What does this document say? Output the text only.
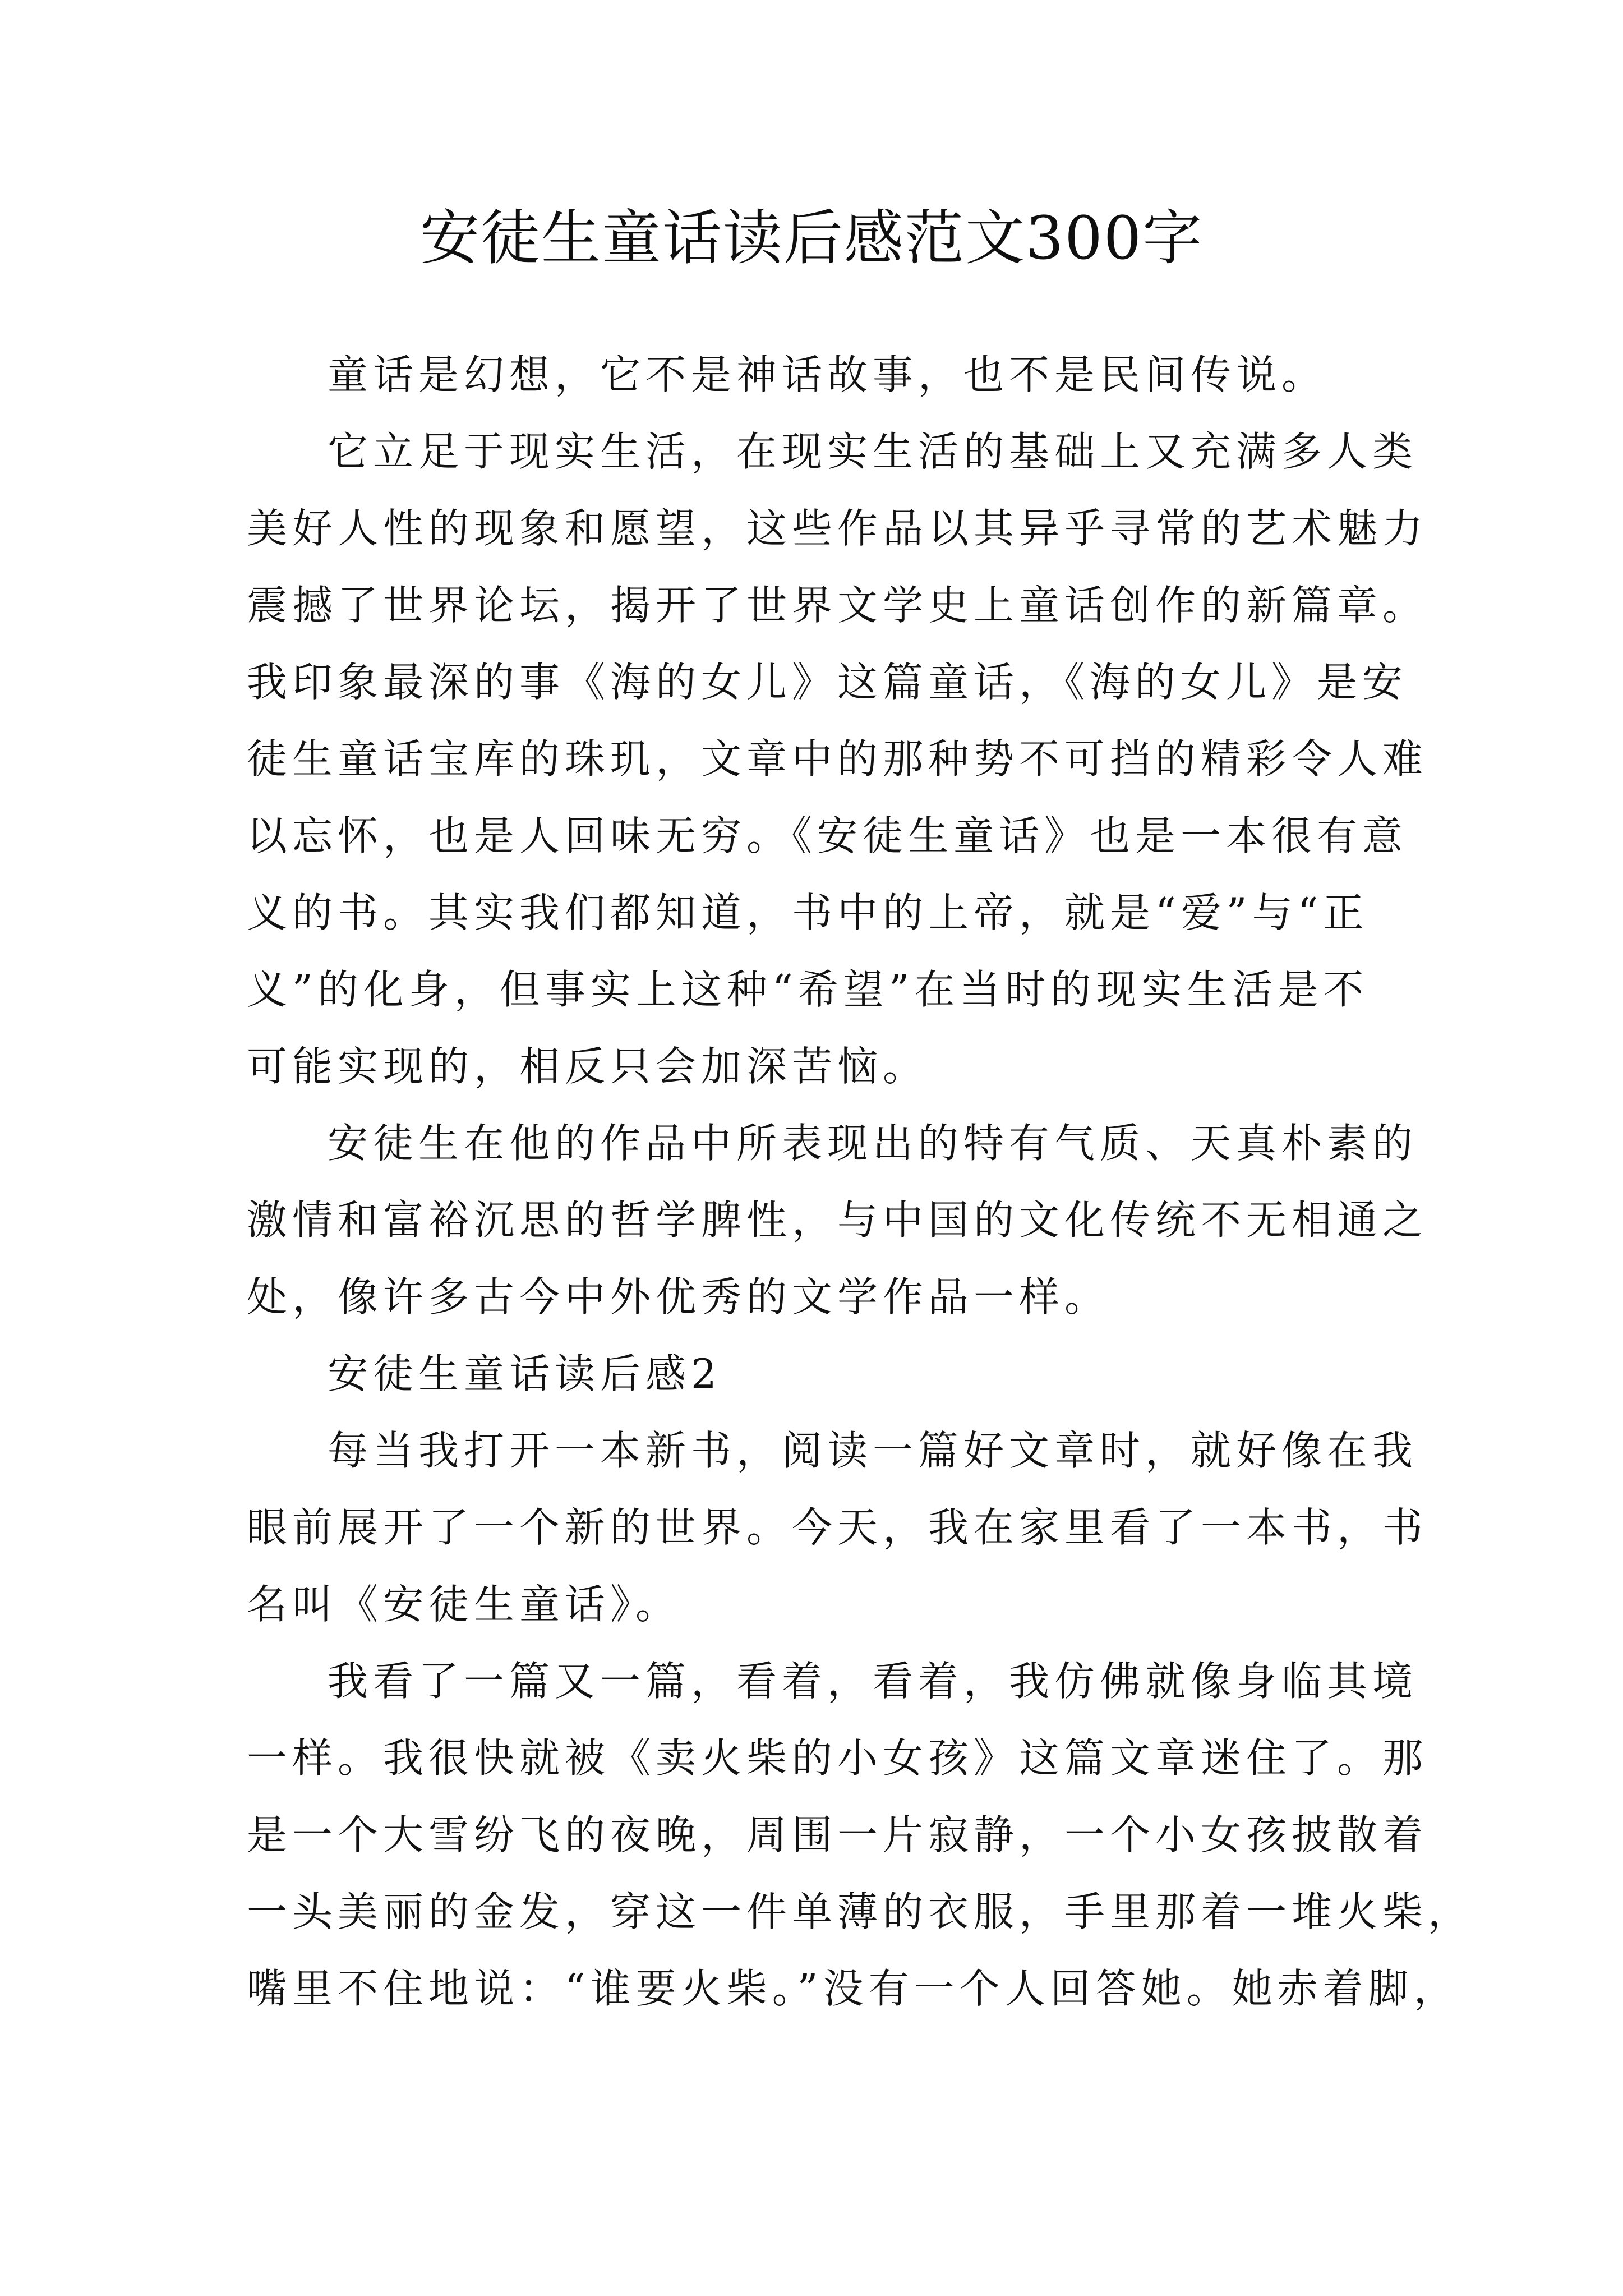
安徒生童话读后感范文300字

童话是幻想，它不是神话故事，也不是民间传说。

它立足于现实生活，在现实生活的基础上又充满多人类
美好人性的现象和愿望，这些作品以其异乎寻常的艺术魅力
震撼了世界论坛，揭开了世界文学史上童话创作的新篇章。
我印象最深的事《海的女儿》这篇童话，《海的女儿》是安
徒生童话宝库的珠玑，文章中的那种势不可挡的精彩令人难
以忘怀，也是人回味无穷。《安徒生童话》也是一本很有意
义的书。其实我们都知道，书中的上帝，就是“爱”与“正
义”的化身，但事实上这种“希望”在当时的现实生活是不
可能实现的，相反只会加深苦恼。

安徒生在他的作品中所表现出的特有气质、天真朴素的
激情和富裕沉思的哲学脾性，与中国的文化传统不无相通之
处，像许多古今中外优秀的文学作品一样。

安徒生童话读后感2

每当我打开一本新书，阅读一篇好文章时，就好像在我
眼前展开了一个新的世界。今天，我在家里看了一本书，书
名叫《安徒生童话》。

我看了一篇又一篇，看着，看着，我仿佛就像身临其境
一样。我很快就被《卖火柴的小女孩》这篇文章迷住了。那
是一个大雪纷飞的夜晚，周围一片寂静，一个小女孩披散着
一头美丽的金发，穿这一件单薄的衣服，手里那着一堆火柴，
嘴里不住地说：“谁要火柴。”没有一个人回答她。她赤着脚，
